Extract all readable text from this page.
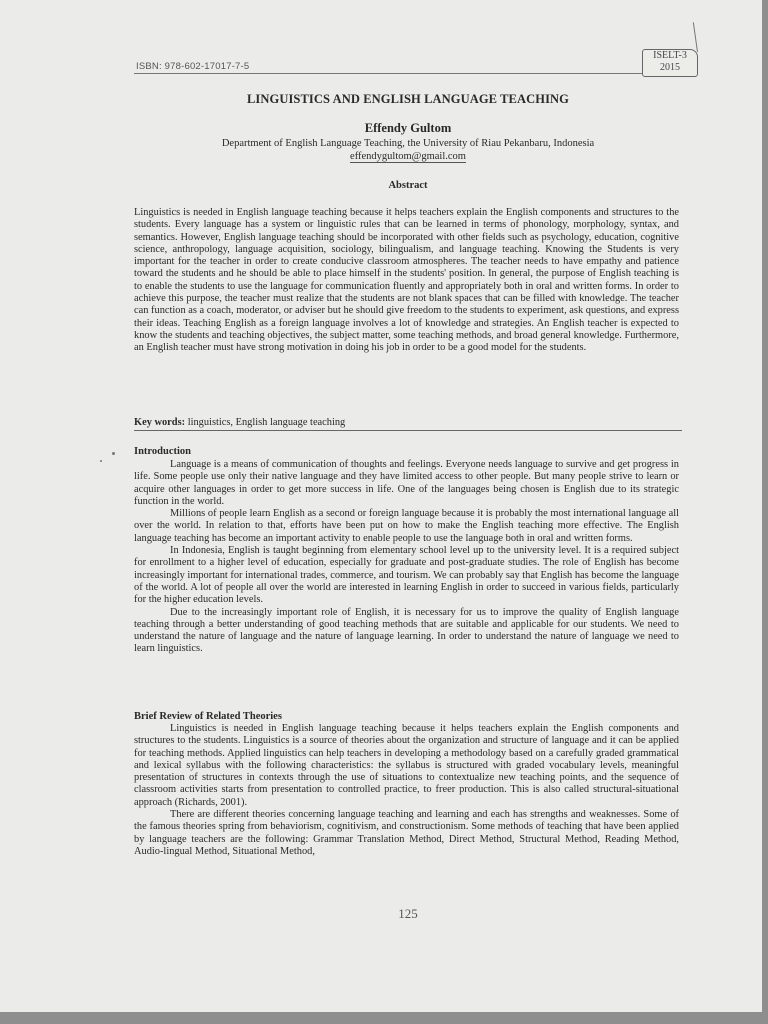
ISBN: 978-602-17017-7-5
ISELT-3
2015
LINGUISTICS AND ENGLISH LANGUAGE TEACHING
Effendy Gultom
Department of English Language Teaching, the University of Riau Pekanbaru, Indonesia
effendygultom@gmail.com
Abstract
Linguistics is needed in English language teaching because it helps teachers explain the English components and structures to the students. Every language has a system or linguistic rules that can be learned in terms of phonology, morphology, syntax, and semantics. However, English language teaching should be incorporated with other fields such as psychology, education, cognitive science, anthropology, language acquisition, sociology, bilingualism, and language teaching. Knowing the Students is very important for the teacher in order to create conducive classroom atmospheres. The teacher needs to have empathy and patience toward the students and he should be able to place himself in the students' position. In general, the purpose of English teaching is to enable the students to use the language for communication fluently and appropriately both in oral and written forms. In order to achieve this purpose, the teacher must realize that the students are not blank spaces that can be filled with knowledge. The teacher can function as a coach, moderator, or adviser but he should give freedom to the students to experiment, ask questions, and express their ideas. Teaching English as a foreign language involves a lot of knowledge and strategies. An English teacher is expected to know the students and teaching objectives, the subject matter, some teaching methods, and broad general knowledge. Furthermore, an English teacher must have strong motivation in doing his job in order to be a good model for the students.
Key words: linguistics, English language teaching
Introduction

Language is a means of communication of thoughts and feelings. Everyone needs language to survive and get progress in life. Some people use only their native language and they have limited access to other people. But many people strive to learn or acquire other languages in order to get more success in life. One of the languages being chosen is English due to its strategic function in the world.

Millions of people learn English as a second or foreign language because it is probably the most international language all over the world. In relation to that, efforts have been put on how to make the English teaching more effective. The English language teaching has become an important activity to enable people to use the language both in oral and written forms.

In Indonesia, English is taught beginning from elementary school level up to the university level. It is a required subject for enrollment to a higher level of education, especially for graduate and post-graduate studies. The role of English has become increasingly important for international trades, commerce, and tourism. We can probably say that English has become the language of the world. A lot of people all over the world are interested in learning English in order to succeed in various fields, particularly for the higher education levels.

Due to the increasingly important role of English, it is necessary for us to improve the quality of English language teaching through a better understanding of good teaching methods that are suitable and applicable for our students. We need to understand the nature of language and the nature of language learning. In order to understand the nature of language we need to learn linguistics.

Brief Review of Related Theories

Linguistics is needed in English language teaching because it helps teachers explain the English components and structures to the students. Linguistics is a source of theories about the organization and structure of language and it can be applied for teaching methods. Applied linguistics can help teachers in developing a methodology based on a carefully graded grammatical and lexical syllabus with the following characteristics: the syllabus is structured with graded vocabulary levels, meaningful presentation of structures in contexts through the use of situations to contextualize new teaching points, and the sequence of classroom activities starts from presentation to controlled practice, to freer production. This is also called structural-situational approach (Richards, 2001).

There are different theories concerning language teaching and learning and each has strengths and weaknesses. Some of the famous theories spring from behaviorism, cognitivism, and constructionism. Some methods of teaching that have been applied by language teachers are the following: Grammar Translation Method, Direct Method, Structural Method, Reading Method, Audio-lingual Method, Situational Method,

125
